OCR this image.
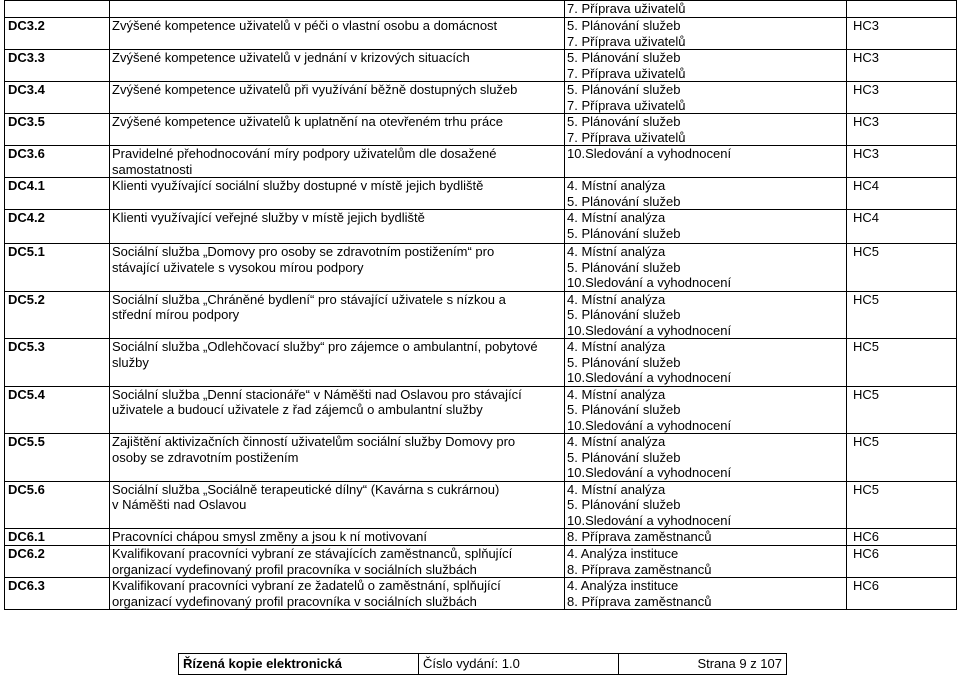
		7. Příprava uživatelů	
DC3.2	Zvýšené kompetence uživatelů v péči o vlastní osobu a domácnost	5. Plánování služeb
7. Příprava uživatelů	HC3
DC3.3	Zvýšené kompetence uživatelů v jednání v krizových situacích	5. Plánování služeb
7. Příprava uživatelů	HC3
DC3.4	Zvýšené kompetence uživatelů při využívání běžně dostupných služeb	5. Plánování služeb
7. Příprava uživatelů	HC3
DC3.5	Zvýšené kompetence uživatelů k uplatnění na otevřeném trhu práce	5. Plánování služeb
7. Příprava uživatelů	HC3
DC3.6	Pravidelné přehodnocování míry podpory uživatelům dle dosažené
samostatnosti	10.Sledování a vyhodnocení	HC3
DC4.1	Klienti využívající sociální služby dostupné v místě jejich bydliště	4. Místní analýza
5. Plánování služeb	HC4
DC4.2	Klienti využívající veřejné služby v místě jejich bydliště	4. Místní analýza
5. Plánování služeb	HC4
DC5.1	Sociální služba „Domovy pro osoby se zdravotním postižením“ pro
stávající uživatele s vysokou mírou podpory	4. Místní analýza
5. Plánování služeb
10.Sledování a vyhodnocení	HC5
DC5.2	Sociální služba „Chráněné bydlení“ pro stávající uživatele s nízkou a
střední mírou podpory	4. Místní analýza
5. Plánování služeb
10.Sledování a vyhodnocení	HC5
DC5.3	Sociální služba „Odlehčovací služby“ pro zájemce o ambulantní, pobytové
služby	4. Místní analýza
5. Plánování služeb
10.Sledování a vyhodnocení	HC5
DC5.4	Sociální služba „Denní stacionáře“ v Náměšti nad Oslavou pro stávající
uživatele a budoucí uživatele z řad zájemců o ambulantní služby	4. Místní analýza
5. Plánování služeb
10.Sledování a vyhodnocení	HC5
DC5.5	Zajištění aktivizačních činností uživatelům sociální služby Domovy pro
osoby se zdravotním postižením	4. Místní analýza
5. Plánování služeb
10.Sledování a vyhodnocení	HC5
DC5.6	Sociální služba „Sociálně terapeutické dílny“ (Kavárna s cukrárnou)
v Náměšti nad Oslavou	4. Místní analýza
5. Plánování služeb
10.Sledování a vyhodnocení	HC5
DC6.1	Pracovníci chápou smysl změny a jsou k ní motivovaní	8. Příprava zaměstnanců	HC6
DC6.2	Kvalifikovaní pracovníci vybraní ze stávajících zaměstnanců, splňující
organizací vydefinovaný profil pracovníka v sociálních službách	4. Analýza instituce
8. Příprava zaměstnanců	HC6
DC6.3	Kvalifikovaní pracovníci vybraní ze žadatelů o zaměstnání, splňující
organizací vydefinovaný profil pracovníka v sociálních službách	4. Analýza instituce
8. Příprava zaměstnanců	HC6
Řízená kopie elektronická	Číslo vydání: 1.0	Strana 9 z 107
